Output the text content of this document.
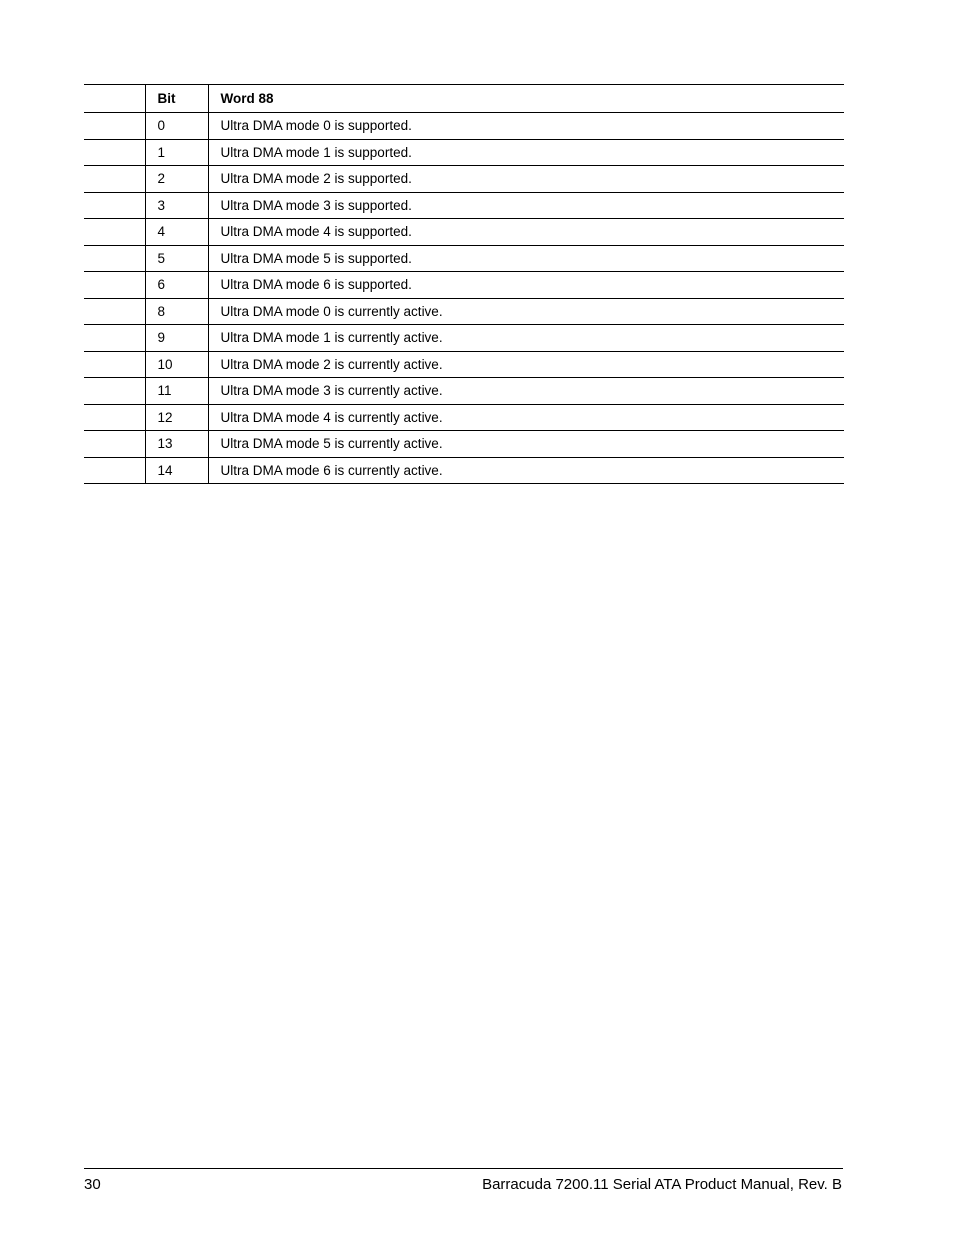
	Bit	Word 88
	0	Ultra DMA mode 0 is supported.
	1	Ultra DMA mode 1 is supported.
	2	Ultra DMA mode 2 is supported.
	3	Ultra DMA mode 3 is supported.
	4	Ultra DMA mode 4 is supported.
	5	Ultra DMA mode 5 is supported.
	6	Ultra DMA mode 6 is supported.
	8	Ultra DMA mode 0 is currently active.
	9	Ultra DMA mode 1 is currently active.
	10	Ultra DMA mode 2 is currently active.
	11	Ultra DMA mode 3 is currently active.
	12	Ultra DMA mode 4 is currently active.
	13	Ultra DMA mode 5 is currently active.
	14	Ultra DMA mode 6 is currently active.
30	Barracuda 7200.11 Serial ATA Product Manual, Rev. B
